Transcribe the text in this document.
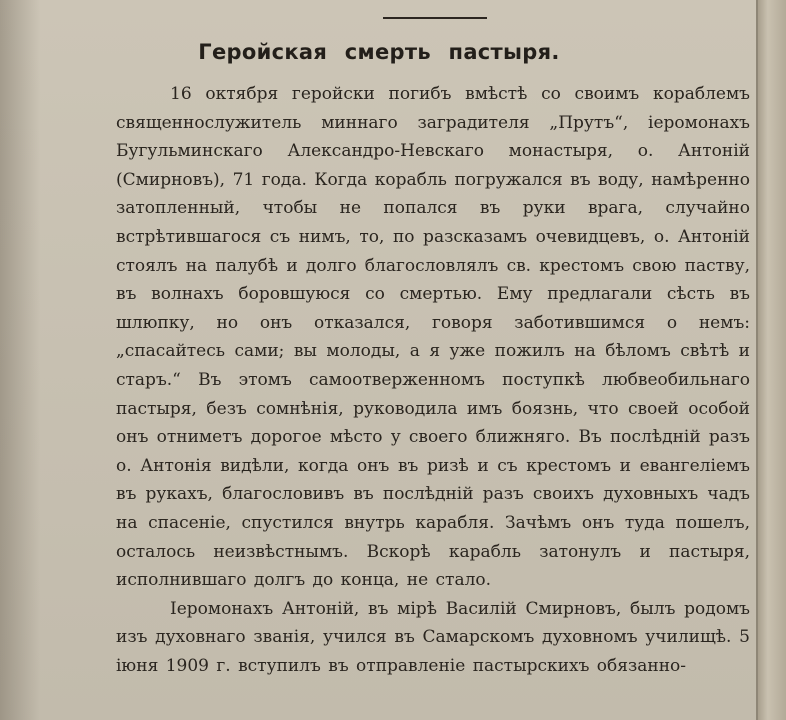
Геройская смерть пастыря.

16 октября геройски погибъ вмѣстѣ со своимъ кораблемъ священнослужитель миннаго заградителя „Прутъ“, iеромонахъ Бугульминскаго Александро-Невскаго монастыря, о. Антонiй (Смирновъ), 71 года. Когда корабль погружался въ воду, намѣренно затопленный, чтобы не попался въ руки врага, случайно встрѣтившагося съ нимъ, то, по разсказамъ очевидцевъ, о. Антонiй стоялъ на палубѣ и долго благословлялъ св. крестомъ свою паству, въ волнахъ боровшуюся со смертью. Ему предлагали сѣсть въ шлюпку, но онъ отказался, говоря заботившимся о немъ: „спасайтесь сами; вы молоды, а я уже пожилъ на бѣломъ свѣтѣ и старъ.“ Въ этомъ самоотверженномъ поступкѣ любвеобильнаго пастыря, безъ сомнѣнiя, руководила имъ боязнь, что своей особой онъ отниметъ дорогое мѣсто у своего ближняго. Въ послѣднiй разъ о. Антонiя видѣли, когда онъ въ ризѣ и съ крестомъ и евангелiемъ въ рукахъ, благословивъ въ послѣднiй разъ своихъ духовныхъ чадъ на спасенiе, спустился внутрь карабля. Зачѣмъ онъ туда пошелъ, осталось неизвѣстнымъ. Вскорѣ карабль затонулъ и пастыря, исполнившаго долгъ до конца, не стало.

Iеромонахъ Антонiй, въ мiрѣ Василiй Смирновъ, былъ родомъ изъ духовнаго званiя, учился въ Самарскомъ духовномъ училищѣ. 5 iюня 1909 г. вступилъ въ отправленiе пастырскихъ обязанно-
